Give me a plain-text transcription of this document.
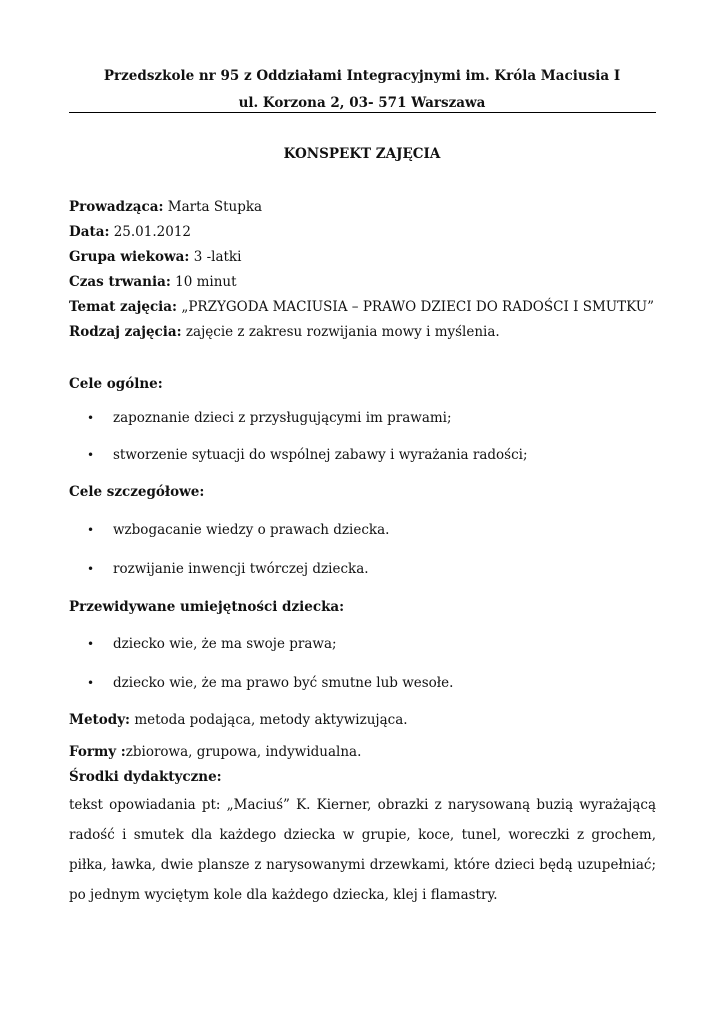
Przedszkole nr 95 z Oddziałami Integracyjnymi im. Króla Maciusia I
ul. Korzona 2, 03- 571 Warszawa
KONSPEKT ZAJĘCIA
Prowadząca: Marta Stupka
Data: 25.01.2012
Grupa wiekowa: 3 -latki
Czas trwania: 10 minut
Temat zajęcia: „PRZYGODA MACIUSIA – PRAWO DZIECI DO RADOŚCI I SMUTKU”
Rodzaj zajęcia: zajęcie z zakresu rozwijania mowy i myślenia.
Cele ogólne:
• zapoznanie dzieci z przysługującymi im prawami;
• stworzenie sytuacji do wspólnej zabawy i wyrażania radości;
Cele szczegółowe:
• wzbogacanie wiedzy o prawach dziecka.
• rozwijanie inwencji twórczej dziecka.
Przewidywane umiejętności dziecka:
• dziecko wie, że ma swoje prawa;
• dziecko wie, że ma prawo być smutne lub wesołe.
Metody: metoda podająca, metody aktywizująca.
Formy :zbiorowa, grupowa, indywidualna.
Środki dydaktyczne:
tekst opowiadania pt: „Maciuś” K. Kierner, obrazki z narysowaną buzią wyrażającą radość i smutek dla każdego dziecka w grupie, koce, tunel, woreczki z grochem, piłka, ławka, dwie plansze z narysowanymi drzewkami, które dzieci będą uzupełniać; po jednym wyciętym kole dla każdego dziecka, klej i flamastry.
